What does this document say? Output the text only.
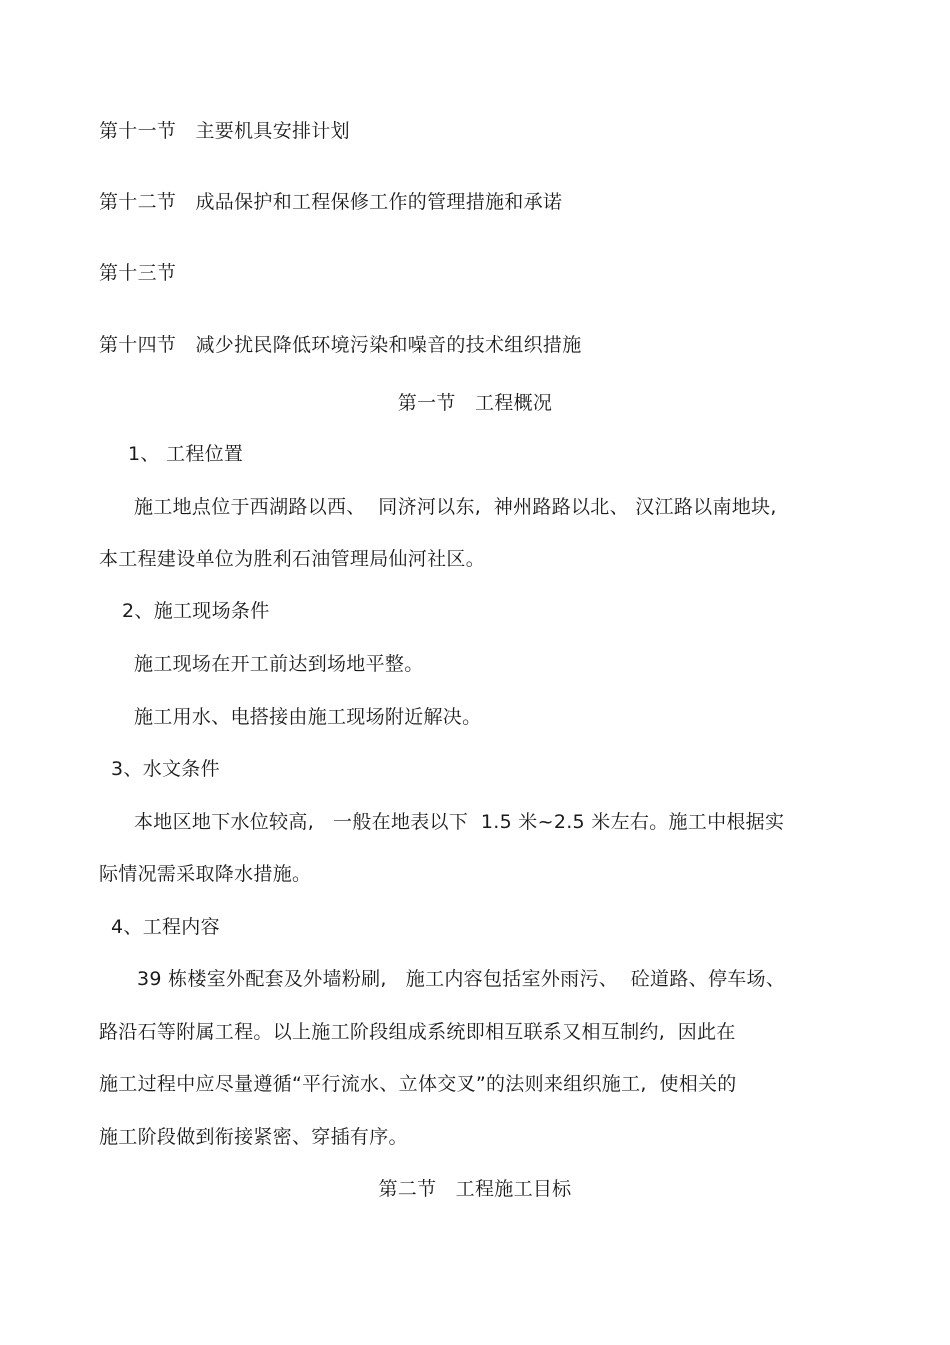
第十一节　主要机具安排计划
第十二节　成品保护和工程保修工作的管理措施和承诺
第十三节
第十四节　减少扰民降低环境污染和噪音的技术组织措施
第一节　工程概况
1、 工程位置
施工地点位于西湖路以西、  同济河以东,  神州路路以北、 汉江路以南地块,
本工程建设单位为胜利石油管理局仙河社区。
2、施工现场条件
施工现场在开工前达到场地平整。
施工用水、电搭接由施工现场附近解决。
3、水文条件
本地区地下水位较高,   一般在地表以下  1.5 米~2.5 米左右。施工中根据实
际情况需采取降水措施。
4、工程内容
39 栋楼室外配套及外墙粉刷,   施工内容包括室外雨污、  砼道路、停车场、
路沿石等附属工程。以上施工阶段组成系统即相互联系又相互制约,  因此在
施工过程中应尽量遵循“平行流水、立体交叉”的法则来组织施工,  使相关的
施工阶段做到衔接紧密、穿插有序。
第二节　工程施工目标
